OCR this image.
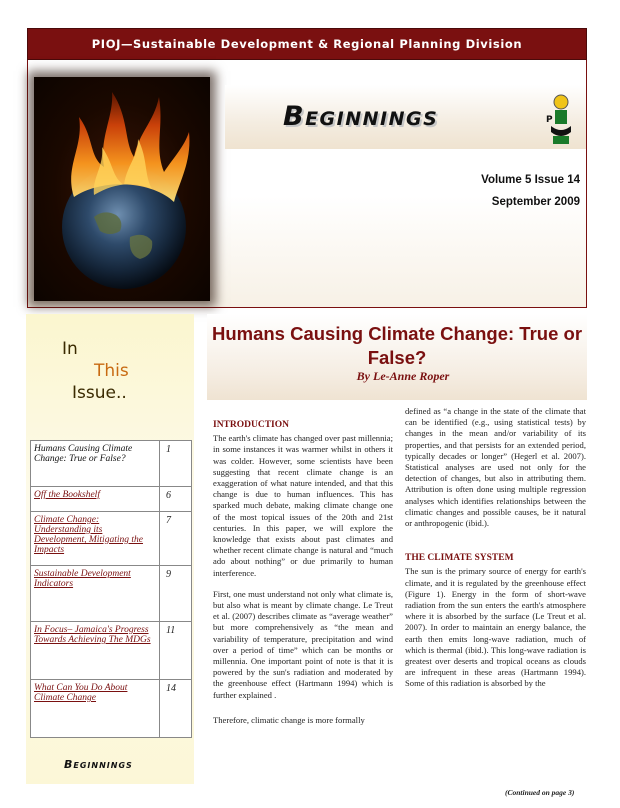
PIOJ—Sustainable Development & Regional Planning Division
Beginnings	P
Volume 5 Issue 14
September 2009
In
This
Issue..
Humans Causing Climate Change: True or False?	1
Off the Bookshelf	6
Climate Change: Understanding its Development, Mitigating the Impacts	7
Sustainable Development Indicators	9
In Focus– Jamaica's Progress Towards Achieving The MDGs	11
What Can You Do About Climate Change	14
Beginnings
Humans Causing Climate Change: True or False?
By Le-Anne Roper
INTRODUCTION

The earth's climate has changed over past millennia; in some instances it was warmer whilst in others it was colder. However, some scientists have been suggesting that recent climate change is an exaggeration of what nature intended, and that this change is due to human influences. This has sparked much debate, making climate change one of the most topical issues of the 20th and 21st centuries. In this paper, we will explore the knowledge that exists about past climates and whether recent climate change is natural and “much ado about nothing” or due primarily to human interference.

First, one must understand not only what climate is, but also what is meant by climate change. Le Treut et al. (2007) describes climate as “average weather” but more comprehensively as “the mean and variability of temperature, precipitation and wind over a period of time” which can be months or millennia. One important point of note is that it is powered by the sun's radiation and moderated by the greenhouse effect (Hartmann 1994) which is further explained .

Therefore, climatic change is more formally

defined as “a change in the state of the climate that can be identified (e.g., using statistical tests) by changes in the mean and/or variability of its properties, and that persists for an extended period, typically decades or longer” (Hegerl et al. 2007). Statistical analyses are used not only for the detection of changes, but also in attributing them. Attribution is often done using multiple regression analyses which identifies relationships between the climatic changes and possible causes, be it natural or anthropogenic (ibid.).

THE CLIMATE SYSTEM

The sun is the primary source of energy for earth's climate, and it is regulated by the greenhouse effect (Figure 1). Energy in the form of short-wave radiation from the sun enters the earth's atmosphere where it is absorbed by the surface (Le Treut et al. 2007). In order to maintain an energy balance, the earth then emits long-wave radiation, much of which is thermal (ibid.). This long-wave radiation is greatest over deserts and tropical oceans as clouds are infrequent in these areas (Hartmann 1994). Some of this radiation is absorbed by the

(Continued on page 3)
